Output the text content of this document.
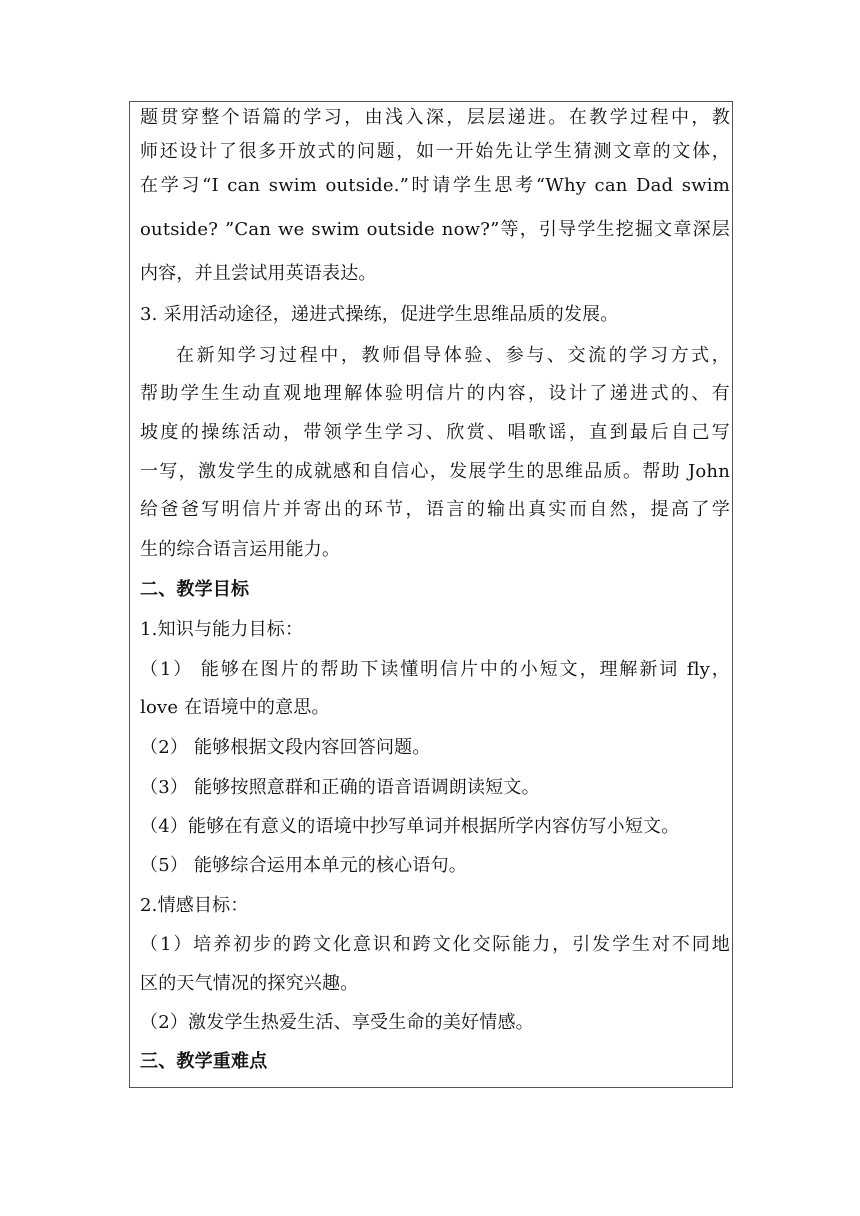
题贯穿整个语篇的学习，由浅入深，层层递进。在教学过程中，教
师还设计了很多开放式的问题，如一开始先让学生猜测文章的文体，
在学习“I can swim outside.”时请学生思考“Why can Dad swim
outside? ”Can we swim outside now?”等，引导学生挖掘文章深层
内容，并且尝试用英语表达。
3. 采用活动途径，递进式操练，促进学生思维品质的发展。
在新知学习过程中，教师倡导体验、参与、交流的学习方式，
帮助学生生动直观地理解体验明信片的内容，设计了递进式的、有
坡度的操练活动，带领学生学习、欣赏、唱歌谣，直到最后自己写
一写，激发学生的成就感和自信心，发展学生的思维品质。帮助 John
给爸爸写明信片并寄出的环节，语言的输出真实而自然，提高了学
生的综合语言运用能力。
二、教学目标
1.知识与能力目标：
（1） 能够在图片的帮助下读懂明信片中的小短文，理解新词 fly，
love 在语境中的意思。
（2） 能够根据文段内容回答问题。
（3） 能够按照意群和正确的语音语调朗读短文。
（4）能够在有意义的语境中抄写单词并根据所学内容仿写小短文。
（5） 能够综合运用本单元的核心语句。
2.情感目标：
（1）培养初步的跨文化意识和跨文化交际能力，引发学生对不同地
区的天气情况的探究兴趣。
（2）激发学生热爱生活、享受生命的美好情感。
三、教学重难点
